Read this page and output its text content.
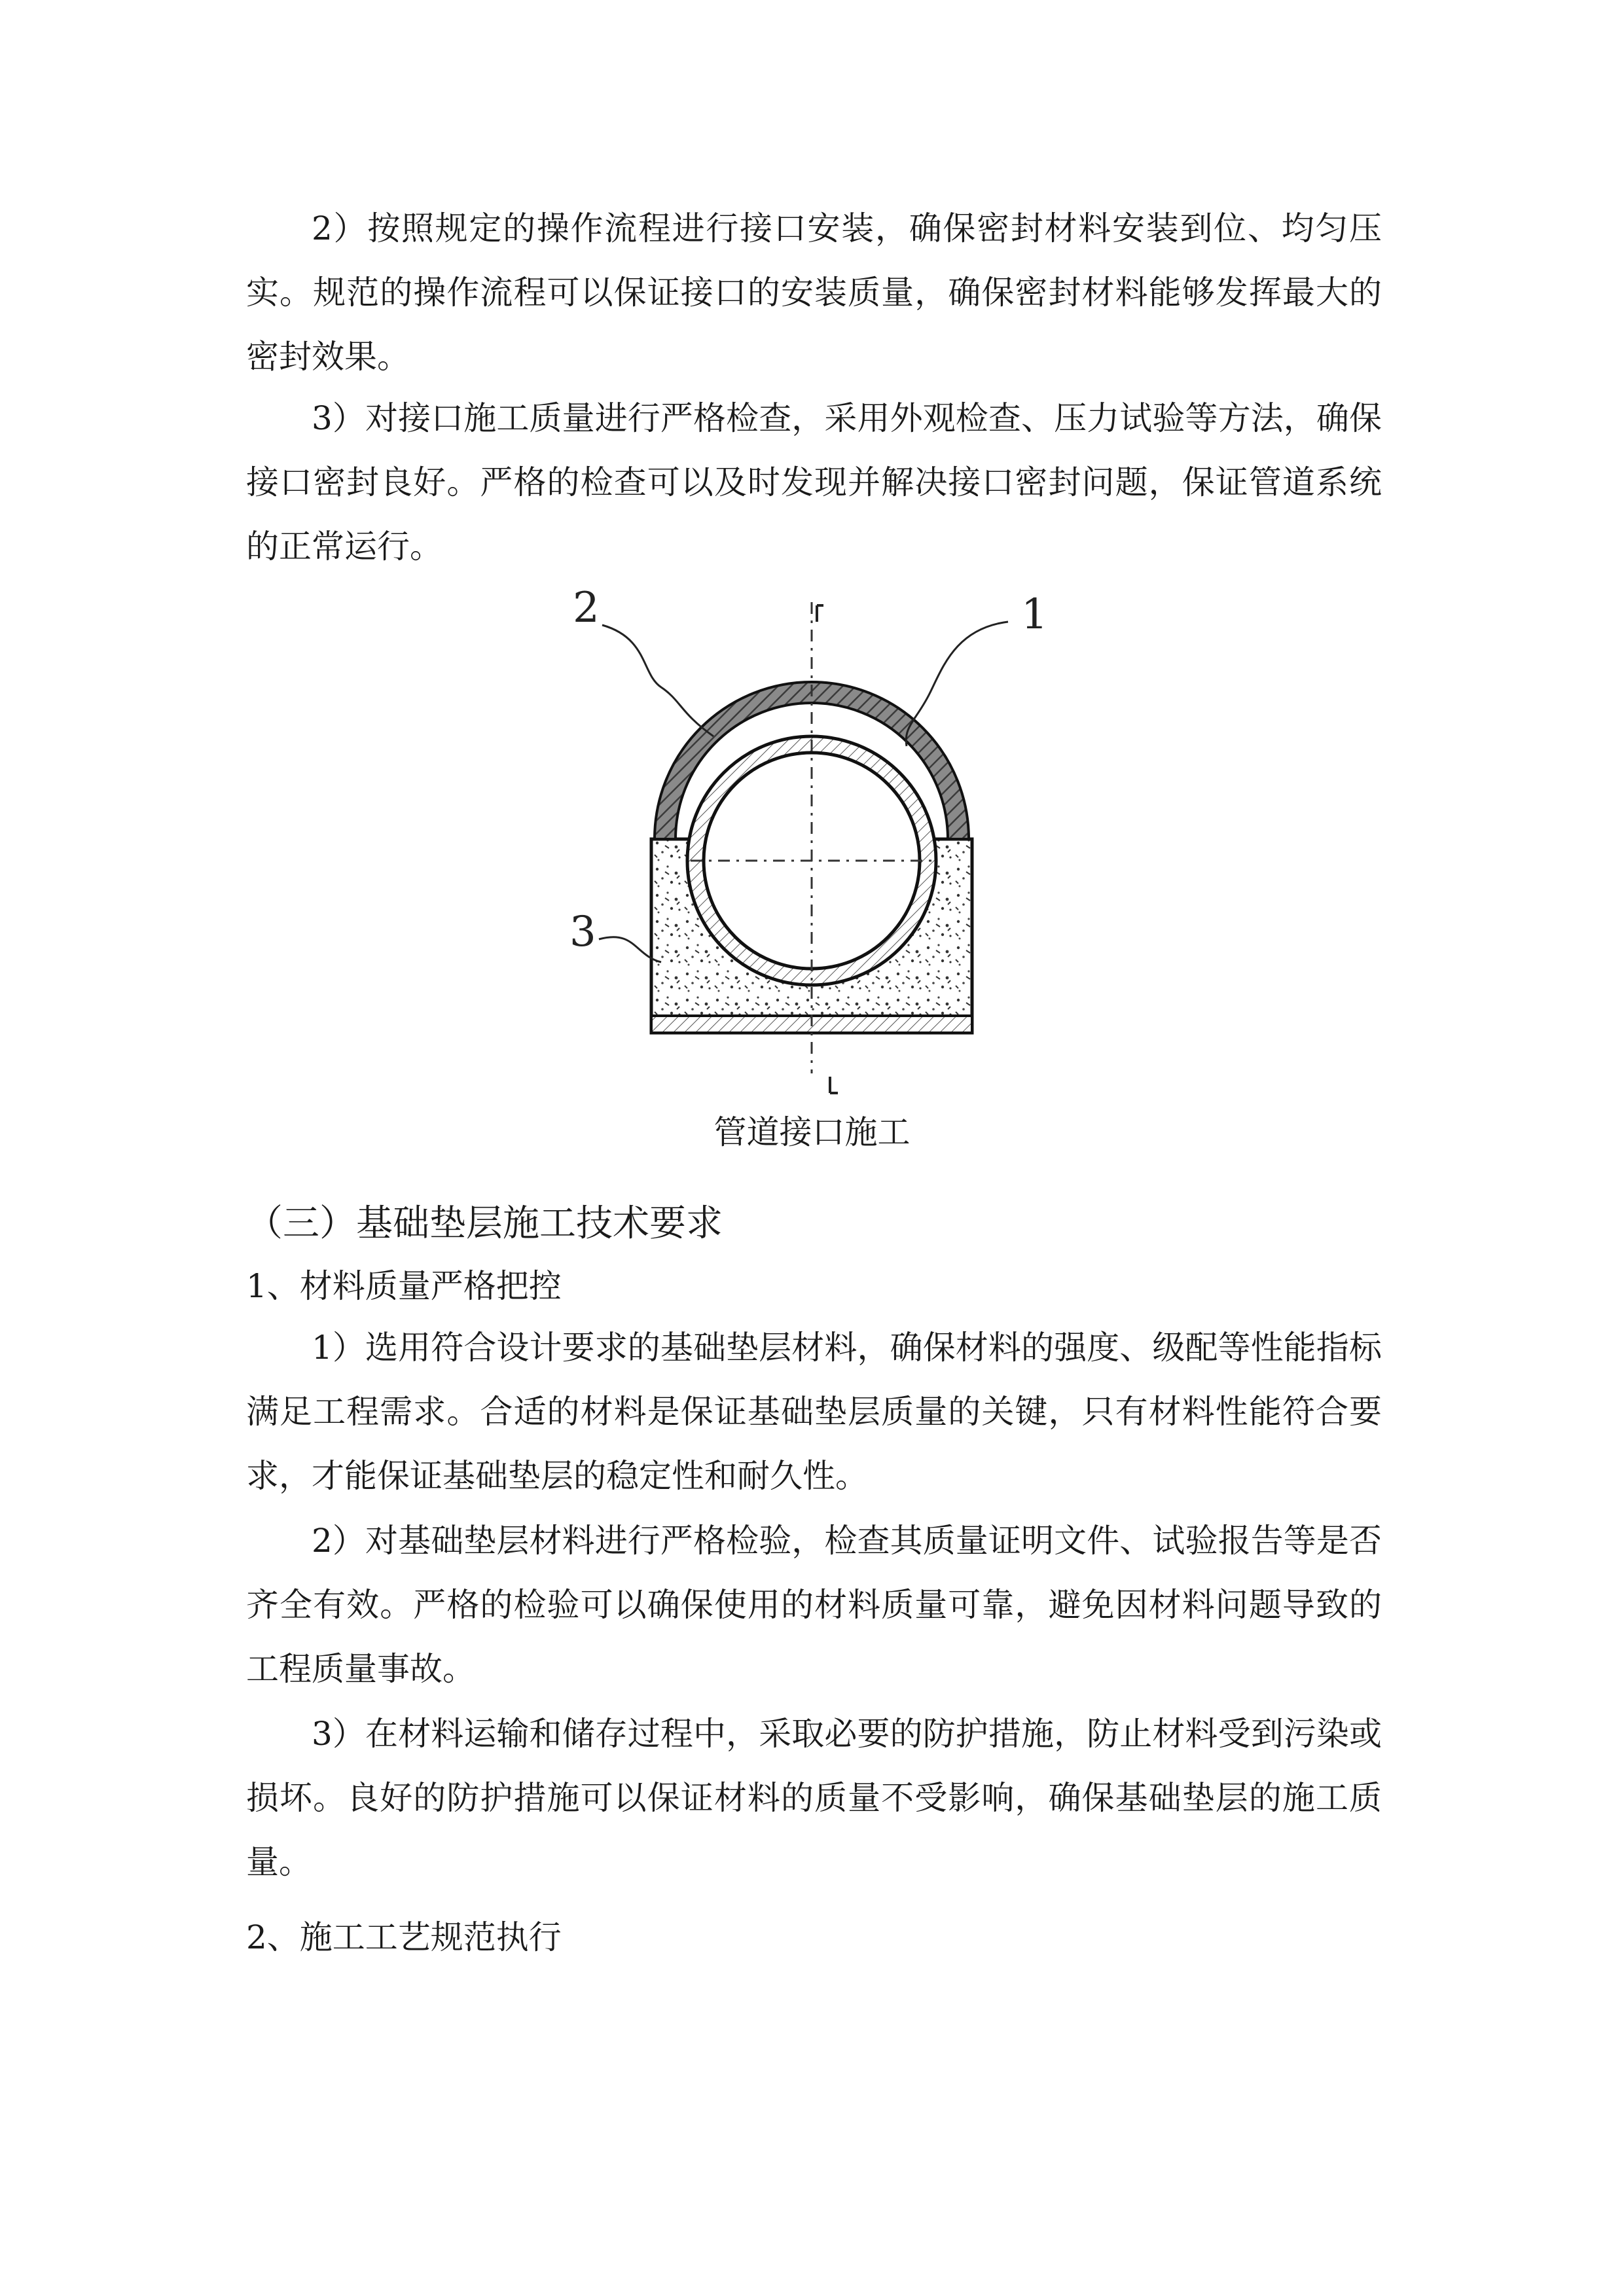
2）按照规定的操作流程进行接口安装，确保密封材料安装到位、均匀压实。规范的操作流程可以保证接口的安装质量，确保密封材料能够发挥最大的密封效果。

3）对接口施工质量进行严格检查，采用外观检查、压力试验等方法，确保接口密封良好。严格的检查可以及时发现并解决接口密封问题，保证管道系统的正常运行。

2	1
3

管道接口施工

（三）基础垫层施工技术要求

1、材料质量严格把控

1）选用符合设计要求的基础垫层材料，确保材料的强度、级配等性能指标满足工程需求。合适的材料是保证基础垫层质量的关键，只有材料性能符合要求，才能保证基础垫层的稳定性和耐久性。

2）对基础垫层材料进行严格检验，检查其质量证明文件、试验报告等是否齐全有效。严格的检验可以确保使用的材料质量可靠，避免因材料问题导致的工程质量事故。

3）在材料运输和储存过程中，采取必要的防护措施，防止材料受到污染或损坏。良好的防护措施可以保证材料的质量不受影响，确保基础垫层的施工质量。

2、施工工艺规范执行
